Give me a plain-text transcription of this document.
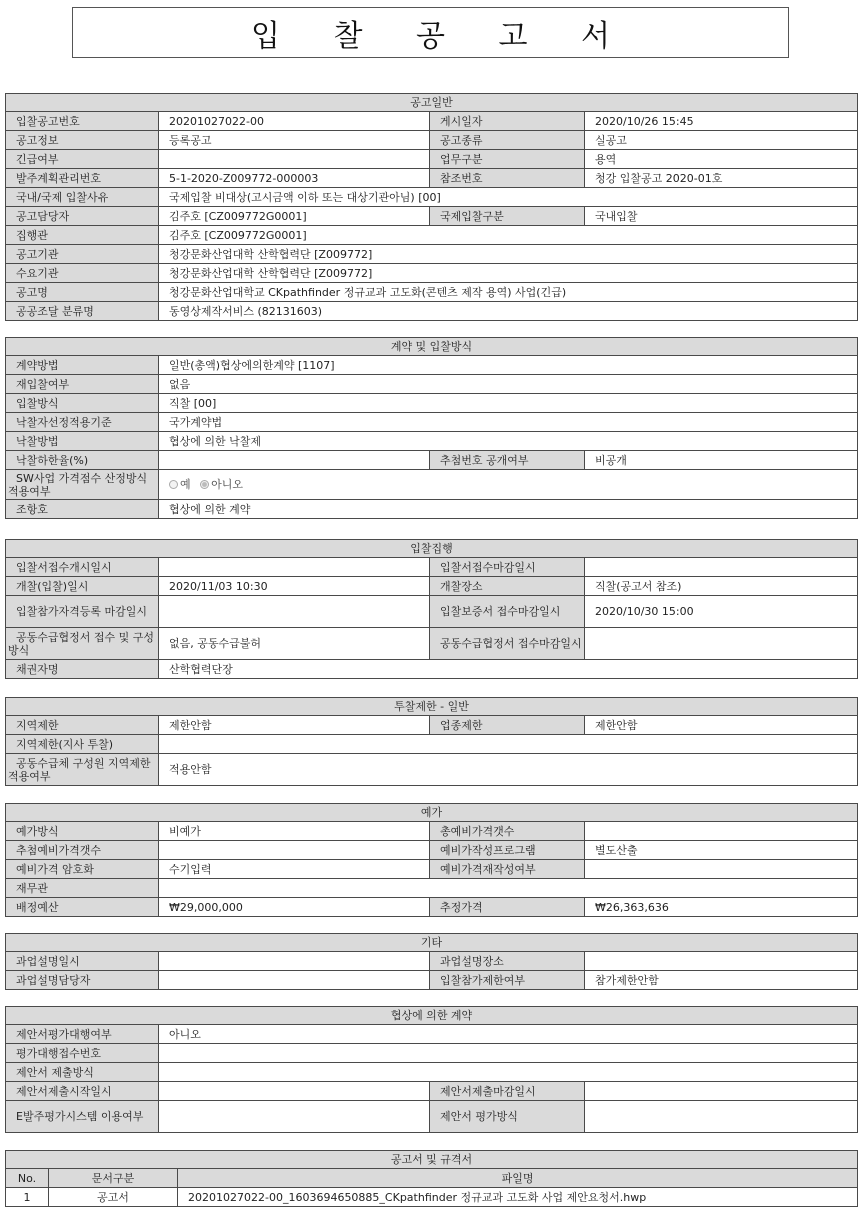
입 찰 공 고 서
공고일반			
입찰공고번호	20201027022-00	게시일자	2020/10/26 15:45
공고정보	등록공고	공고종류	실공고
긴급여부		업무구분	용역
발주계획관리번호	5-1-2020-Z009772-000003	참조번호	청강 입찰공고 2020-01호
국내/국제 입찰사유	국제입찰 비대상(고시금액 이하 또는 대상기관아님) [00]		
공고담당자	김주호 [CZ009772G0001]	국제입찰구분	국내입찰
집행관	김주호 [CZ009772G0001]		
공고기관	청강문화산업대학 산학협력단 [Z009772]		
수요기관	청강문화산업대학 산학협력단 [Z009772]		
공고명	청강문화산업대학교 CKpathfinder 정규교과 고도화(콘텐츠 제작 용역) 사업(긴급)		
공공조달 분류명	동영상제작서비스 (82131603)		
계약 및 입찰방식			
계약방법	일반(총액)협상에의한계약 [1107]		
재입찰여부	없음		
입찰방식	직찰 [00]		
낙찰자선정적용기준	국가계약법		
낙찰방법	협상에 의한 낙찰제		
낙찰하한율(%)		추첨번호 공개여부	비공개
SW사업 가격점수 산정방식 적용여부	예 아니오		
조항호	협상에 의한 계약		
입찰집행			
입찰서접수개시일시		입찰서접수마감일시	
개찰(입찰)일시	2020/11/03 10:30	개찰장소	직찰(공고서 참조)
입찰참가자격등록 마감일시		입찰보증서 접수마감일시	2020/10/30 15:00
공동수급협정서 접수 및 구성방식	없음, 공동수급불허	공동수급협정서 접수마감일시	
채권자명	산학협력단장		
투찰제한 - 일반			
지역제한	제한안함	업종제한	제한안함
지역제한(지사 투찰)			
공동수급체 구성원 지역제한 적용여부	적용안함		
예가			
예가방식	비예가	총예비가격갯수	
추첨예비가격갯수		예비가작성프로그램	별도산출
예비가격 암호화	수기입력	예비가격재작성여부	
재무관			
배정예산	₩29,000,000	추정가격	₩26,363,636
기타			
과업설명일시		과업설명장소	
과업설명담당자		입찰참가제한여부	참가제한안함
협상에 의한 계약			
제안서평가대행여부	아니오		
평가대행접수번호			
제안서 제출방식			
제안서제출시작일시		제안서제출마감일시	
E발주평가시스템 이용여부		제안서 평가방식	
공고서 및 규격서		
No.	문서구분	파일명
1	공고서	20201027022-00_1603694650885_CKpathfinder 정규교과 고도화 사업 제안요청서.hwp
